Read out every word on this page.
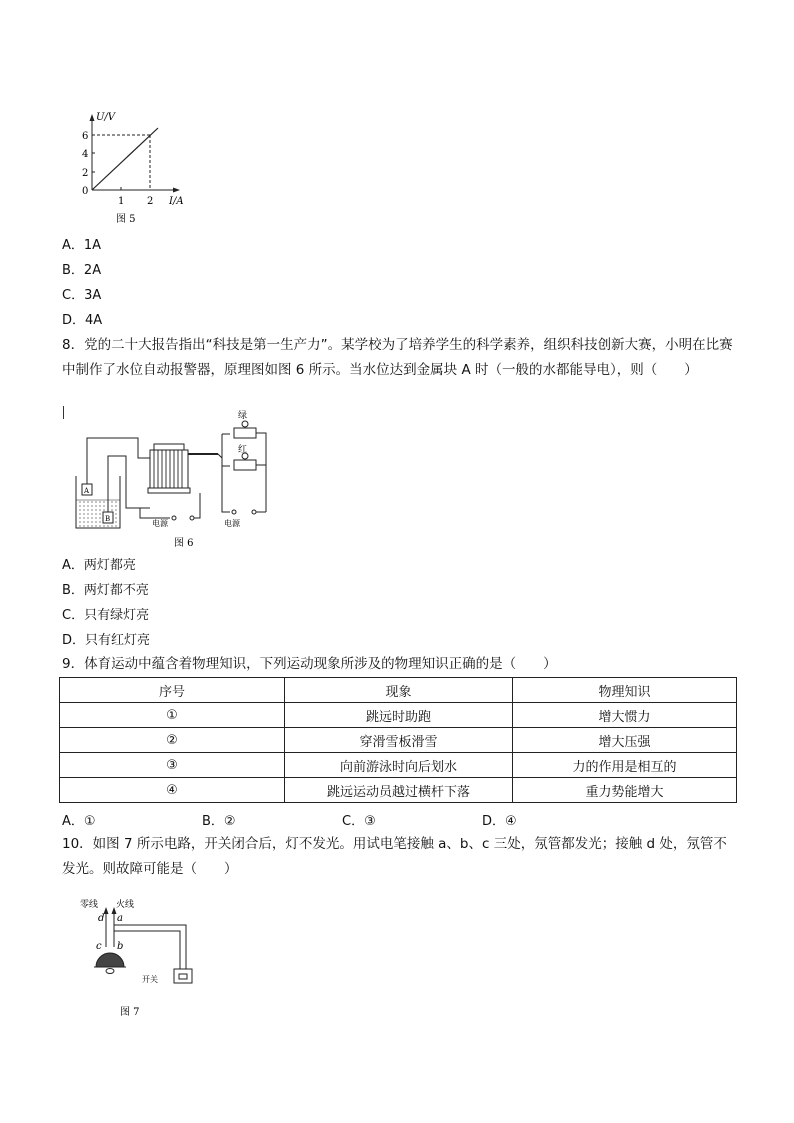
U/V
6
4
2
0
1 2 I/A
图 5
A．1A
B．2A
C．3A
D．4A
8．党的二十大报告指出“科技是第一生产力”。某学校为了培养学生的科学素养，组织科技创新大赛，小明在比赛中制作了水位自动报警器，原理图如图 6 所示。当水位达到金属块 A 时（一般的水都能导电），则（　　）
绿
红
A
B	电源	电源
图 6
A．两灯都亮
B．两灯都不亮
C．只有绿灯亮
D．只有红灯亮
9．体育运动中蕴含着物理知识，下列运动现象所涉及的物理知识正确的是（　　）
序号	现象	物理知识
①	跳远时助跑	增大惯力
②	穿滑雪板滑雪	增大压强
③	向前游泳时向后划水	力的作用是相互的
④	跳远运动员越过横杆下落	重力势能增大
A．①	B．②	C．③	D．④
10．如图 7 所示电路，开关闭合后，灯不发光。用试电笔接触 a、b、c 三处，氖管都发光；接触 d 处，氖管不发光。则故障可能是（　　）
零线 火线
d a
c b
开关
图 7
